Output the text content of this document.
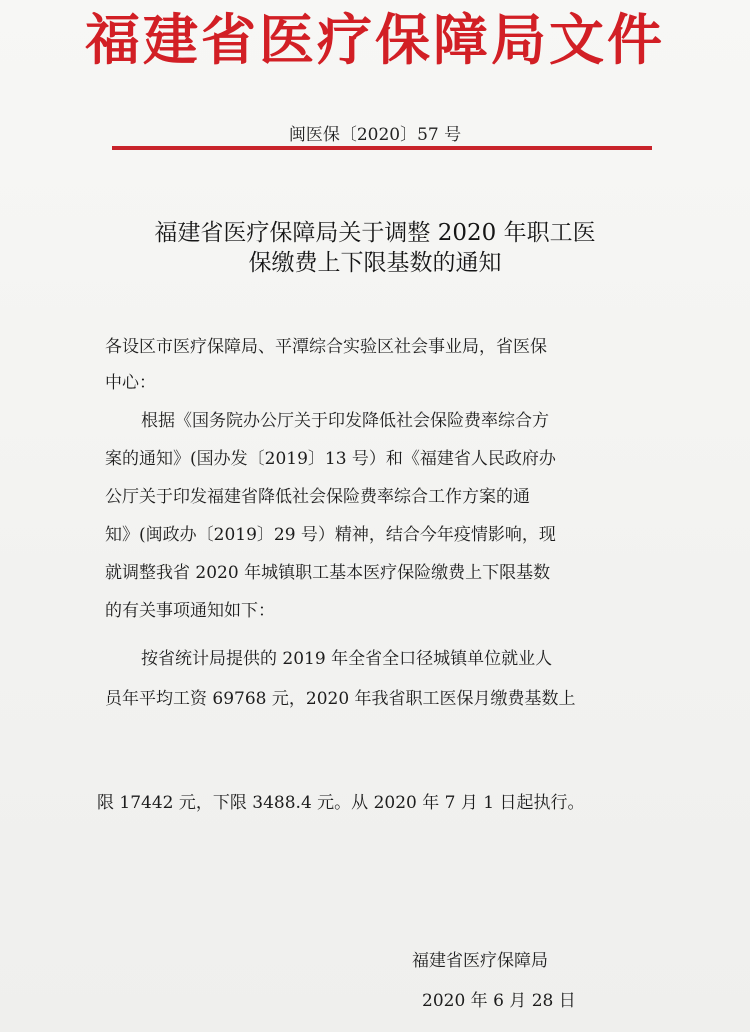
福建省医疗保障局文件
闽医保〔2020〕57 号
福建省医疗保障局关于调整 2020 年职工医
保缴费上下限基数的通知
各设区市医疗保障局、平潭综合实验区社会事业局，省医保
中心：
根据《国务院办公厅关于印发降低社会保险费率综合方
案的通知》(国办发〔2019〕13 号）和《福建省人民政府办
公厅关于印发福建省降低社会保险费率综合工作方案的通
知》(闽政办〔2019〕29 号）精神，结合今年疫情影响，现
就调整我省 2020 年城镇职工基本医疗保险缴费上下限基数
的有关事项通知如下：
按省统计局提供的 2019 年全省全口径城镇单位就业人
员年平均工资 69768 元，2020 年我省职工医保月缴费基数上
限 17442 元，下限 3488.4 元。从 2020 年 7 月 1 日起执行。
福建省医疗保障局
2020 年 6 月 28 日
